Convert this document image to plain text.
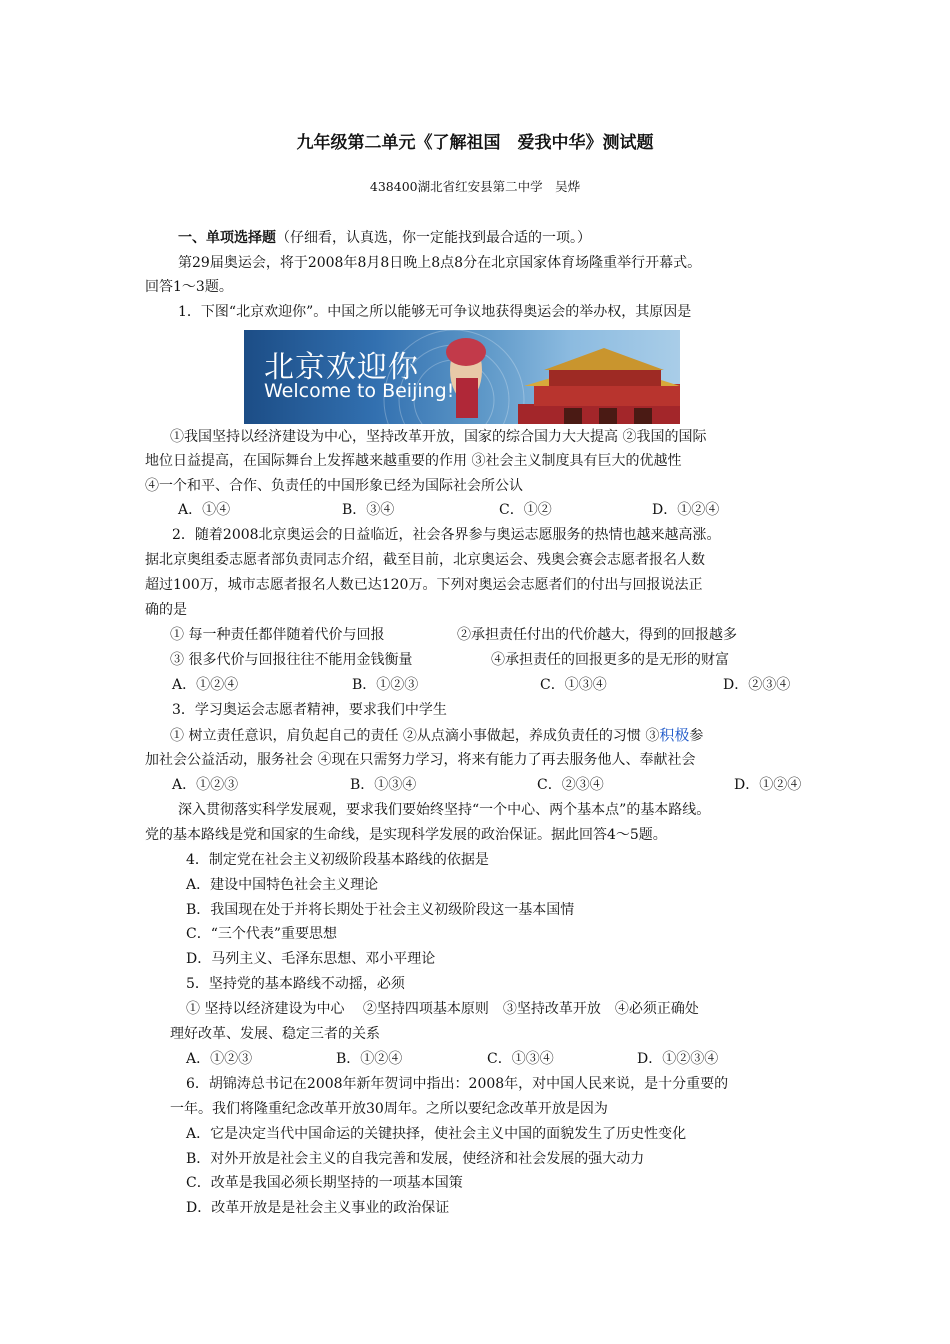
九年级第二单元《了解祖国　爱我中华》测试题
438400湖北省红安县第二中学　吴烨
一、单项选择题（仔细看，认真选，你一定能找到最合适的一项。）
第29届奥运会，将于2008年8月8日晚上8点8分在北京国家体育场隆重举行开幕式。
回答1～3题。
1．下图“北京欢迎你”。中国之所以能够无可争议地获得奥运会的举办权，其原因是
北京欢迎你
Welcome to Beijing!
①我国坚持以经济建设为中心，坚持改革开放，国家的综合国力大大提高 ②我国的国际
地位日益提高，在国际舞台上发挥越来越重要的作用 ③社会主义制度具有巨大的优越性
④一个和平、合作、负责任的中国形象已经为国际社会所公认
A．①④	B．③④	C．①②	D．①②④
2．随着2008北京奥运会的日益临近，社会各界参与奥运志愿服务的热情也越来越高涨。
据北京奥组委志愿者部负责同志介绍，截至目前，北京奥运会、残奥会赛会志愿者报名人数
超过100万，城市志愿者报名人数已达120万。下列对奥运会志愿者们的付出与回报说法正
确的是
① 每一种责任都伴随着代价与回报	②承担责任付出的代价越大，得到的回报越多
③ 很多代价与回报往往不能用金钱衡量	④承担责任的回报更多的是无形的财富
A．①②④	B．①②③	C．①③④	D．②③④
3．学习奥运会志愿者精神，要求我们中学生
① 树立责任意识，肩负起自己的责任 ②从点滴小事做起，养成负责任的习惯 ③积极参
加社会公益活动，服务社会 ④现在只需努力学习，将来有能力了再去服务他人、奉献社会
A．①②③	B．①③④	C．②③④	D．①②④
深入贯彻落实科学发展观，要求我们要始终坚持“一个中心、两个基本点”的基本路线。
党的基本路线是党和国家的生命线，是实现科学发展的政治保证。据此回答4～5题。
4．制定党在社会主义初级阶段基本路线的依据是
A．建设中国特色社会主义理论
B．我国现在处于并将长期处于社会主义初级阶段这一基本国情
C．“三个代表”重要思想
D．马列主义、毛泽东思想、邓小平理论
5．坚持党的基本路线不动摇，必须
① 坚持以经济建设为中心　 ②坚持四项基本原则　③坚持改革开放　④必须正确处
理好改革、发展、稳定三者的关系
A．①②③	B．①②④	C．①③④	D．①②③④
6．胡锦涛总书记在2008年新年贺词中指出：2008年，对中国人民来说，是十分重要的
一年。我们将隆重纪念改革开放30周年。之所以要纪念改革开放是因为
A．它是决定当代中国命运的关键抉择，使社会主义中国的面貌发生了历史性变化
B．对外开放是社会主义的自我完善和发展，使经济和社会发展的强大动力
C．改革是我国必须长期坚持的一项基本国策
D．改革开放是是社会主义事业的政治保证
